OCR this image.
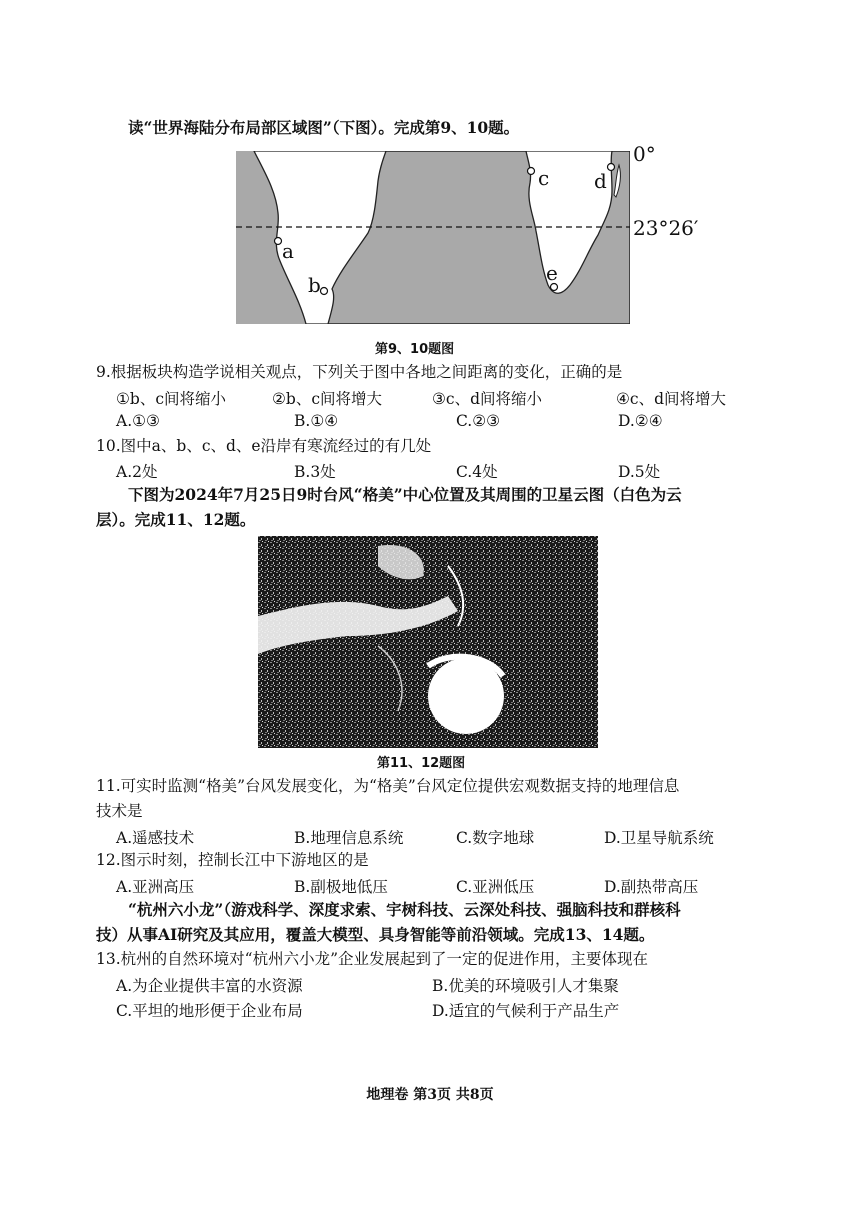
读“世界海陆分布局部区域图”（下图）。完成第9、10题。
a
b
c d
e
0°
23°26′
第9、10题图
9.根据板块构造学说相关观点，下列关于图中各地之间距离的变化，正确的是
①b、c间将缩小	②b、c间将增大	③c、d间将缩小	④c、d间将增大
A.①③	B.①④	C.②③	D.②④
10.图中a、b、c、d、e沿岸有寒流经过的有几处
A.2处	B.3处	C.4处	D.5处
下图为2024年7月25日9时台风“格美”中心位置及其周围的卫星云图（白色为云
层）。完成11、12题。
第11、12题图
11.可实时监测“格美”台风发展变化，为“格美”台风定位提供宏观数据支持的地理信息
技术是
A.遥感技术	B.地理信息系统	C.数字地球	D.卫星导航系统
12.图示时刻，控制长江中下游地区的是
A.亚洲高压	B.副极地低压	C.亚洲低压	D.副热带高压
“杭州六小龙”（游戏科学、深度求索、宇树科技、云深处科技、强脑科技和群核科
技）从事AI研究及其应用，覆盖大模型、具身智能等前沿领域。完成13、14题。
13.杭州的自然环境对“杭州六小龙”企业发展起到了一定的促进作用，主要体现在
A.为企业提供丰富的水资源	B.优美的环境吸引人才集聚
C.平坦的地形便于企业布局	D.适宜的气候利于产品生产
地理卷 第3页 共8页
